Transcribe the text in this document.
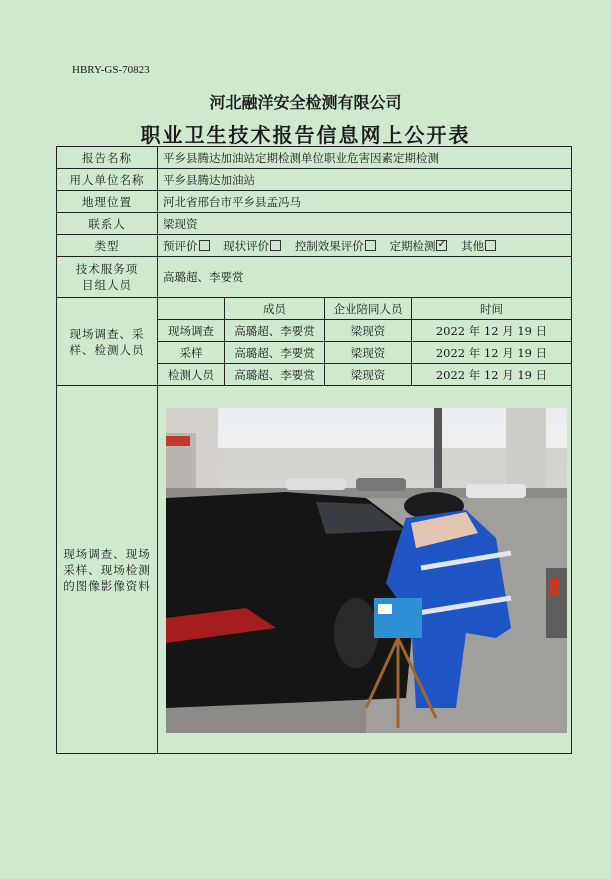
HBRY-GS-70823
河北融洋安全检测有限公司
职业卫生技术报告信息网上公开表
报告名称	平乡县腾达加油站定期检测单位职业危害因素定期检测			
用人单位名称	平乡县腾达加油站			
地理位置	河北省邢台市平乡县孟冯马			
联系人	梁现资			
类型	预评价 现状评价 控制效果评价 定期检测 ✓ 其他
技术服务项目组人员	高璐超、李要赏			
现场调查、采样、检测人员		成员	企业陪同人员	时间
	现场调查	高璐超、李要赏	梁现资	2022 年 12 月 19 日
	采样	高璐超、李要赏	梁现资	2022 年 12 月 19 日
	检测人员	高璐超、李要赏	梁现资	2022 年 12 月 19 日
现场调查、现场采样、现场检测的图像影像资料	
